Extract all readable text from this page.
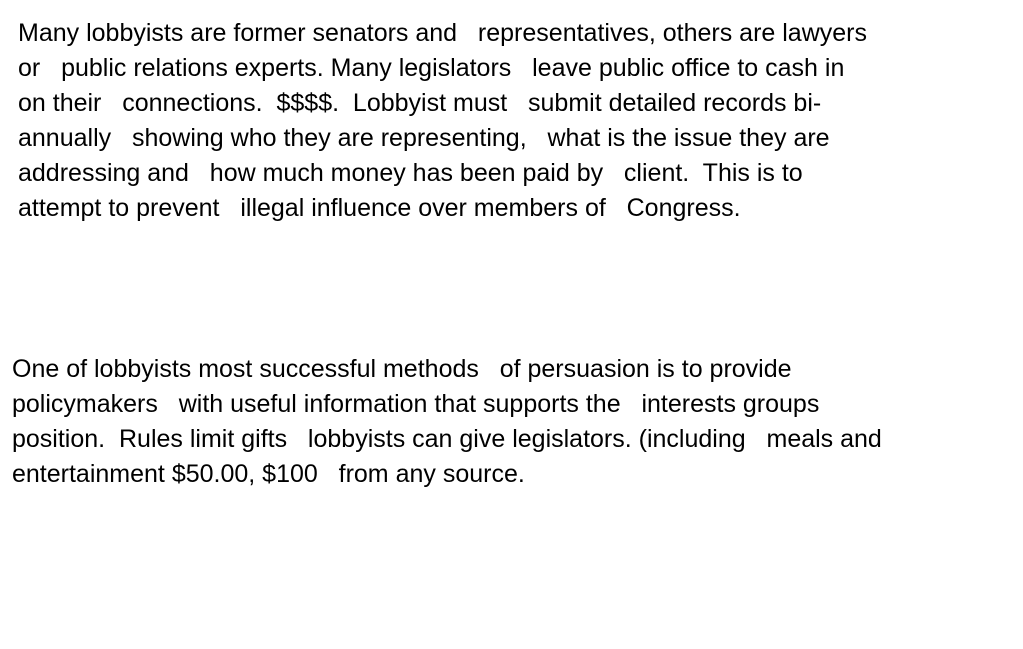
Many lobbyists are former senators and   representatives, others are lawyers
or   public relations experts. Many legislators   leave public office to cash in
on their   connections.  $$$$.  Lobbyist must   submit detailed records bi-
annually   showing who they are representing,   what is the issue they are
addressing and   how much money has been paid by   client.  This is to
attempt to prevent   illegal influence over members of   Congress.

One of lobbyists most successful methods   of persuasion is to provide
policymakers   with useful information that supports the   interests groups
position.  Rules limit gifts   lobbyists can give legislators. (including   meals and
entertainment $50.00, $100   from any source.
